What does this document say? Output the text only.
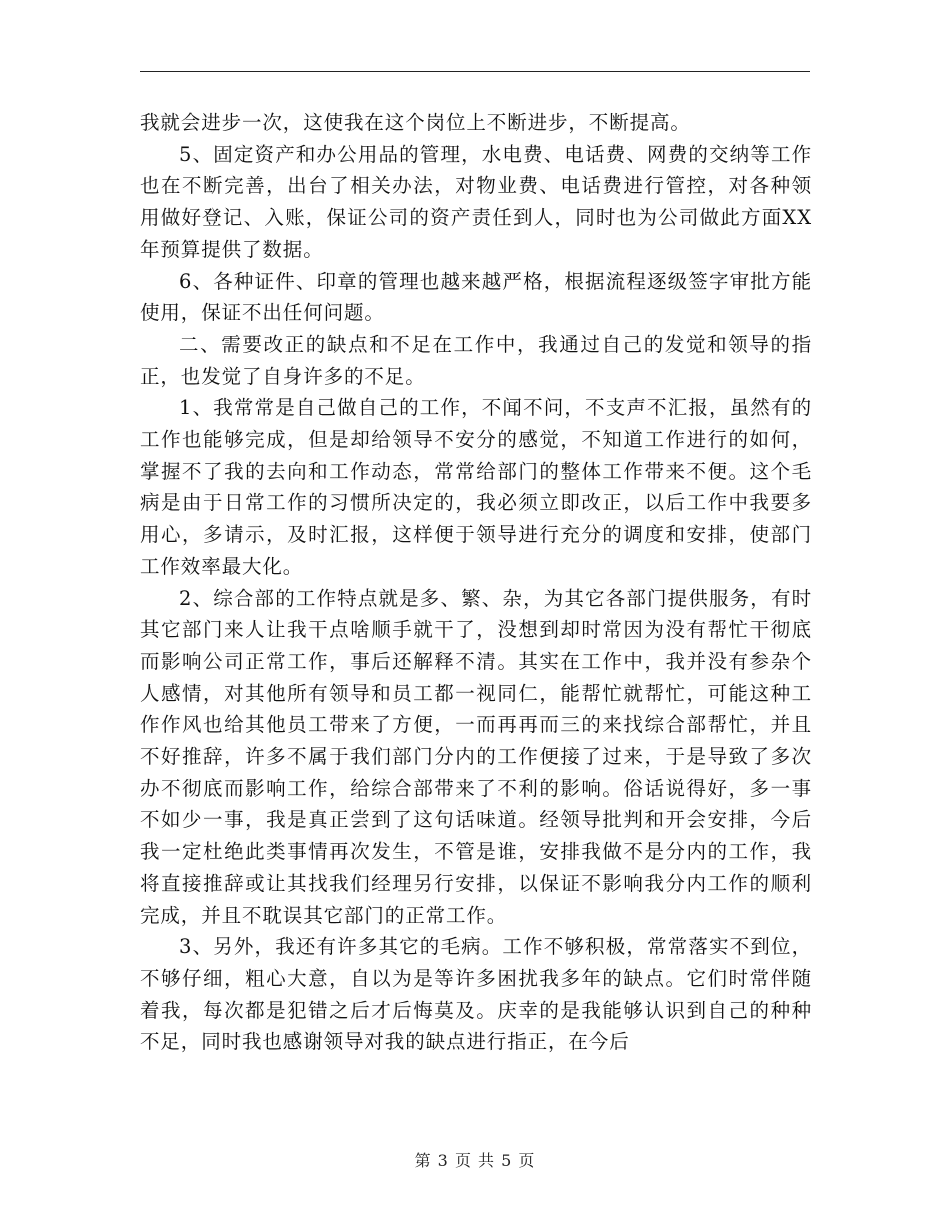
我就会进步一次，这使我在这个岗位上不断进步，不断提高。

5、固定资产和办公用品的管理，水电费、电话费、网费的交纳等工作也在不断完善，出台了相关办法，对物业费、电话费进行管控，对各种领用做好登记、入账，保证公司的资产责任到人，同时也为公司做此方面XX年预算提供了数据。

6、各种证件、印章的管理也越来越严格，根据流程逐级签字审批方能使用，保证不出任何问题。

二、需要改正的缺点和不足在工作中，我通过自己的发觉和领导的指正，也发觉了自身许多的不足。

1、我常常是自己做自己的工作，不闻不问，不支声不汇报，虽然有的工作也能够完成，但是却给领导不安分的感觉，不知道工作进行的如何，掌握不了我的去向和工作动态，常常给部门的整体工作带来不便。这个毛病是由于日常工作的习惯所决定的，我必须立即改正，以后工作中我要多用心，多请示，及时汇报，这样便于领导进行充分的调度和安排，使部门工作效率最大化。

2、综合部的工作特点就是多、繁、杂，为其它各部门提供服务，有时其它部门来人让我干点啥顺手就干了，没想到却时常因为没有帮忙干彻底而影响公司正常工作，事后还解释不清。其实在工作中，我并没有参杂个人感情，对其他所有领导和员工都一视同仁，能帮忙就帮忙，可能这种工作作风也给其他员工带来了方便，一而再再而三的来找综合部帮忙，并且不好推辞，许多不属于我们部门分内的工作便接了过来，于是导致了多次办不彻底而影响工作，给综合部带来了不利的影响。俗话说得好，多一事不如少一事，我是真正尝到了这句话味道。经领导批判和开会安排，今后我一定杜绝此类事情再次发生，不管是谁，安排我做不是分内的工作，我将直接推辞或让其找我们经理另行安排，以保证不影响我分内工作的顺利完成，并且不耽误其它部门的正常工作。

3、另外，我还有许多其它的毛病。工作不够积极，常常落实不到位，不够仔细，粗心大意，自以为是等许多困扰我多年的缺点。它们时常伴随着我，每次都是犯错之后才后悔莫及。庆幸的是我能够认识到自己的种种不足，同时我也感谢领导对我的缺点进行指正，在今后

第 3 页 共 5 页
